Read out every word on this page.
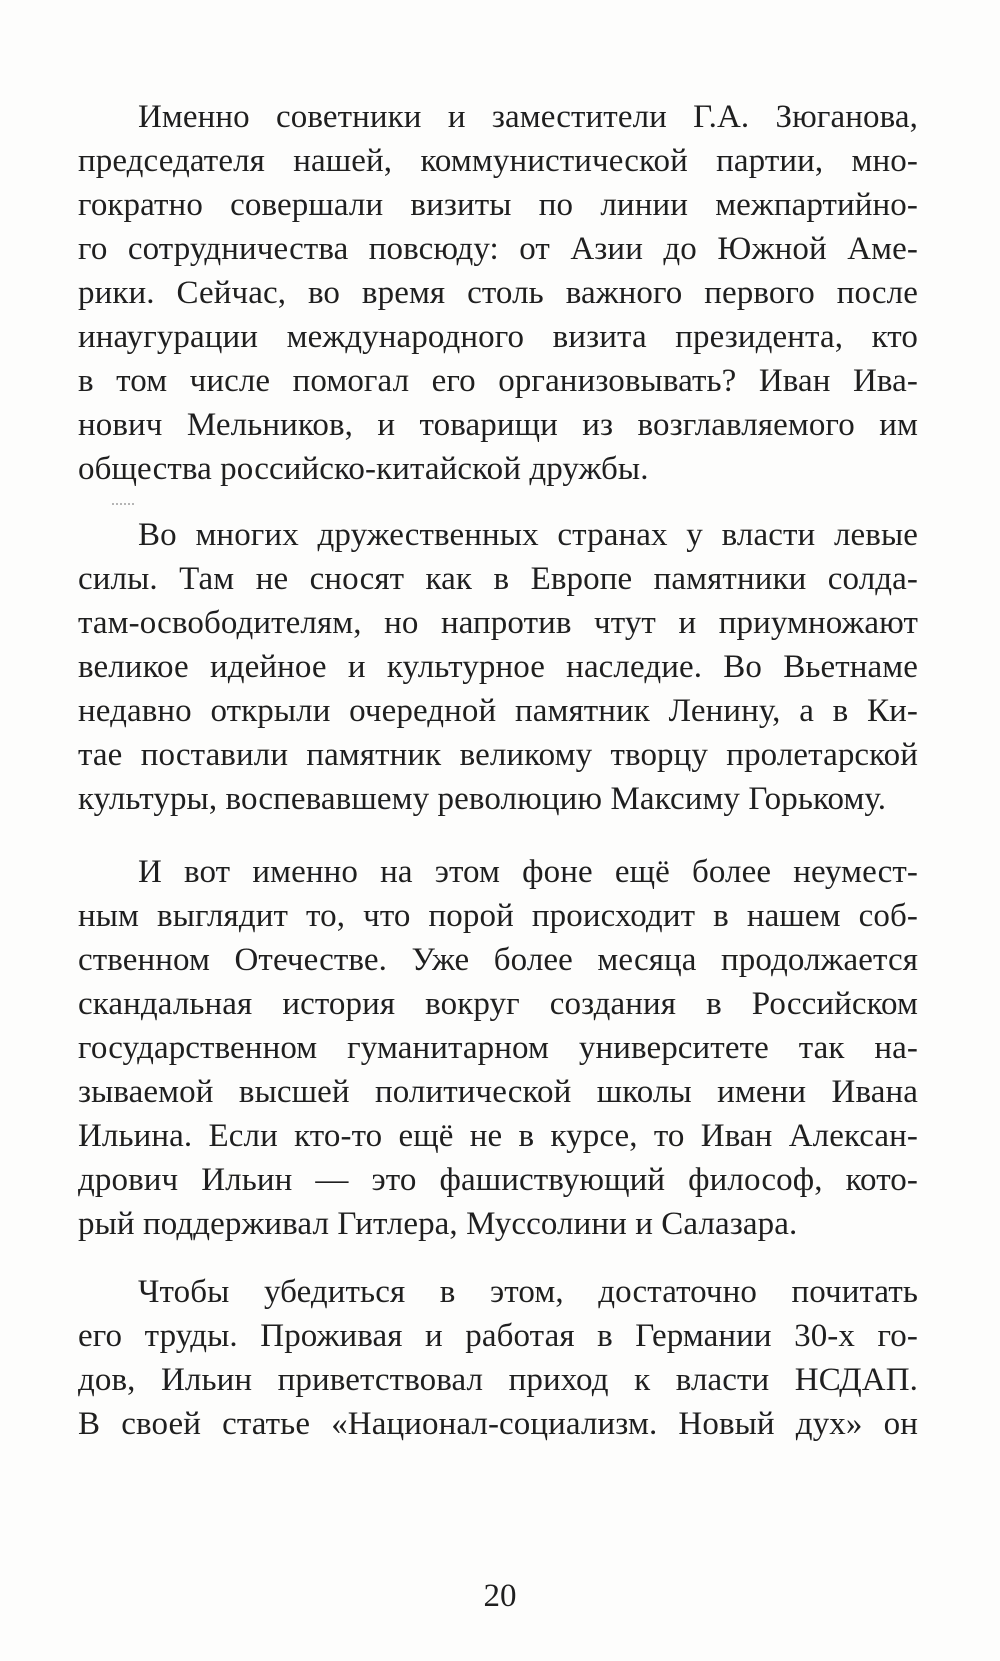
Именно советники и заместители Г.А. Зюганова,
председателя нашей, коммунистической партии, мно-
гократно совершали визиты по линии межпартийно-
го сотрудничества повсюду: от Азии до Южной Аме-
рики. Сейчас, во время столь важного первого после
инаугурации международного визита президента, кто
в том числе помогал его организовывать? Иван Ива-
нович Мельников, и товарищи из возглавляемого им
общества российско-китайской дружбы.
Во многих дружественных странах у власти левые
силы. Там не сносят как в Европе памятники солда-
там-освободителям, но напротив чтут и приумножают
великое идейное и культурное наследие. Во Вьетнаме
недавно открыли очередной памятник Ленину, а в Ки-
тае поставили памятник великому творцу пролетарской
культуры, воспевавшему революцию Максиму Горькому.
И вот именно на этом фоне ещё более неумест-
ным выглядит то, что порой происходит в нашем соб-
ственном Отечестве. Уже более месяца продолжается
скандальная история вокруг создания в Российском
государственном гуманитарном университете так на-
зываемой высшей политической школы имени Ивана
Ильина. Если кто-то ещё не в курсе, то Иван Алексан-
дрович Ильин — это фашиствующий философ, кото-
рый поддерживал Гитлера, Муссолини и Салазара.
Чтобы убедиться в этом, достаточно почитать
его труды. Проживая и работая в Германии 30-х го-
дов, Ильин приветствовал приход к власти НСДАП.
В своей статье «Национал-социализм. Новый дух» он
20
